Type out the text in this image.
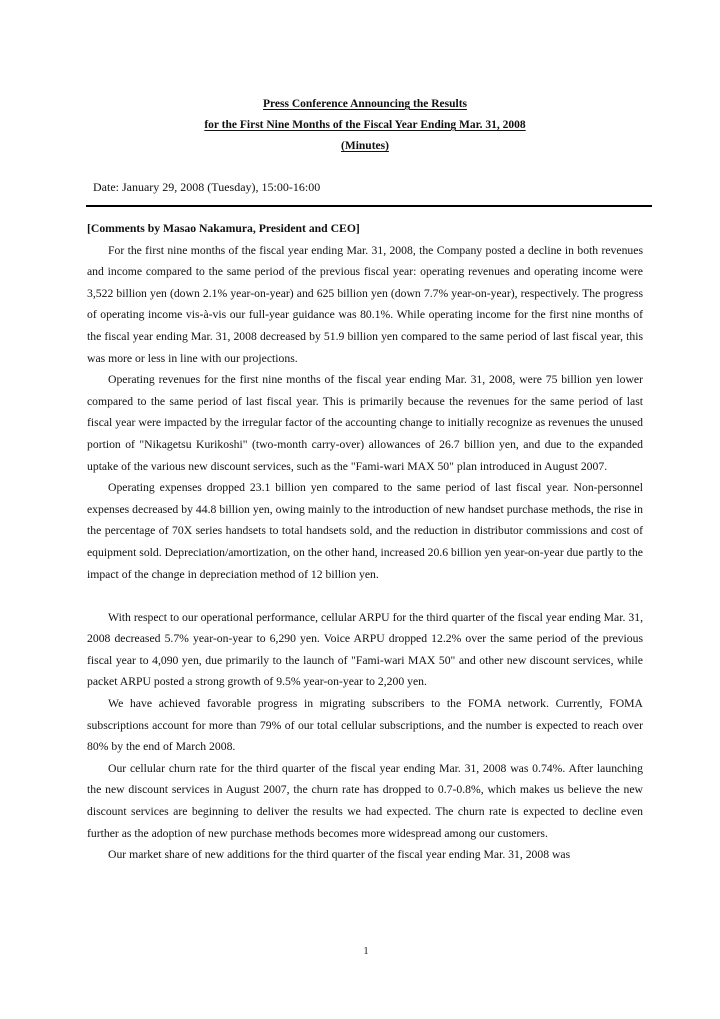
Press Conference Announcing the Results
for the First Nine Months of the Fiscal Year Ending Mar. 31, 2008
(Minutes)
Date: January 29, 2008 (Tuesday), 15:00-16:00

[Comments by Masao Nakamura, President and CEO]

For the first nine months of the fiscal year ending Mar. 31, 2008, the Company posted a decline in both revenues and income compared to the same period of the previous fiscal year: operating revenues and operating income were 3,522 billion yen (down 2.1% year-on-year) and 625 billion yen (down 7.7% year-on-year), respectively. The progress of operating income vis-à-vis our full-year guidance was 80.1%. While operating income for the first nine months of the fiscal year ending Mar. 31, 2008 decreased by 51.9 billion yen compared to the same period of last fiscal year, this was more or less in line with our projections.

Operating revenues for the first nine months of the fiscal year ending Mar. 31, 2008, were 75 billion yen lower compared to the same period of last fiscal year. This is primarily because the revenues for the same period of last fiscal year were impacted by the irregular factor of the accounting change to initially recognize as revenues the unused portion of "Nikagetsu Kurikoshi" (two-month carry-over) allowances of 26.7 billion yen, and due to the expanded uptake of the various new discount services, such as the "Fami-wari MAX 50" plan introduced in August 2007.

Operating expenses dropped 23.1 billion yen compared to the same period of last fiscal year. Non-personnel expenses decreased by 44.8 billion yen, owing mainly to the introduction of new handset purchase methods, the rise in the percentage of 70X series handsets to total handsets sold, and the reduction in distributor commissions and cost of equipment sold. Depreciation/amortization, on the other hand, increased 20.6 billion yen year-on-year due partly to the impact of the change in depreciation method of 12 billion yen.

With respect to our operational performance, cellular ARPU for the third quarter of the fiscal year ending Mar. 31, 2008 decreased 5.7% year-on-year to 6,290 yen. Voice ARPU dropped 12.2% over the same period of the previous fiscal year to 4,090 yen, due primarily to the launch of "Fami-wari MAX 50" and other new discount services, while packet ARPU posted a strong growth of 9.5% year-on-year to 2,200 yen.

We have achieved favorable progress in migrating subscribers to the FOMA network. Currently, FOMA subscriptions account for more than 79% of our total cellular subscriptions, and the number is expected to reach over 80% by the end of March 2008.

Our cellular churn rate for the third quarter of the fiscal year ending Mar. 31, 2008 was 0.74%. After launching the new discount services in August 2007, the churn rate has dropped to 0.7-0.8%, which makes us believe the new discount services are beginning to deliver the results we had expected. The churn rate is expected to decline even further as the adoption of new purchase methods becomes more widespread among our customers.

Our market share of new additions for the third quarter of the fiscal year ending Mar. 31, 2008 was

1
